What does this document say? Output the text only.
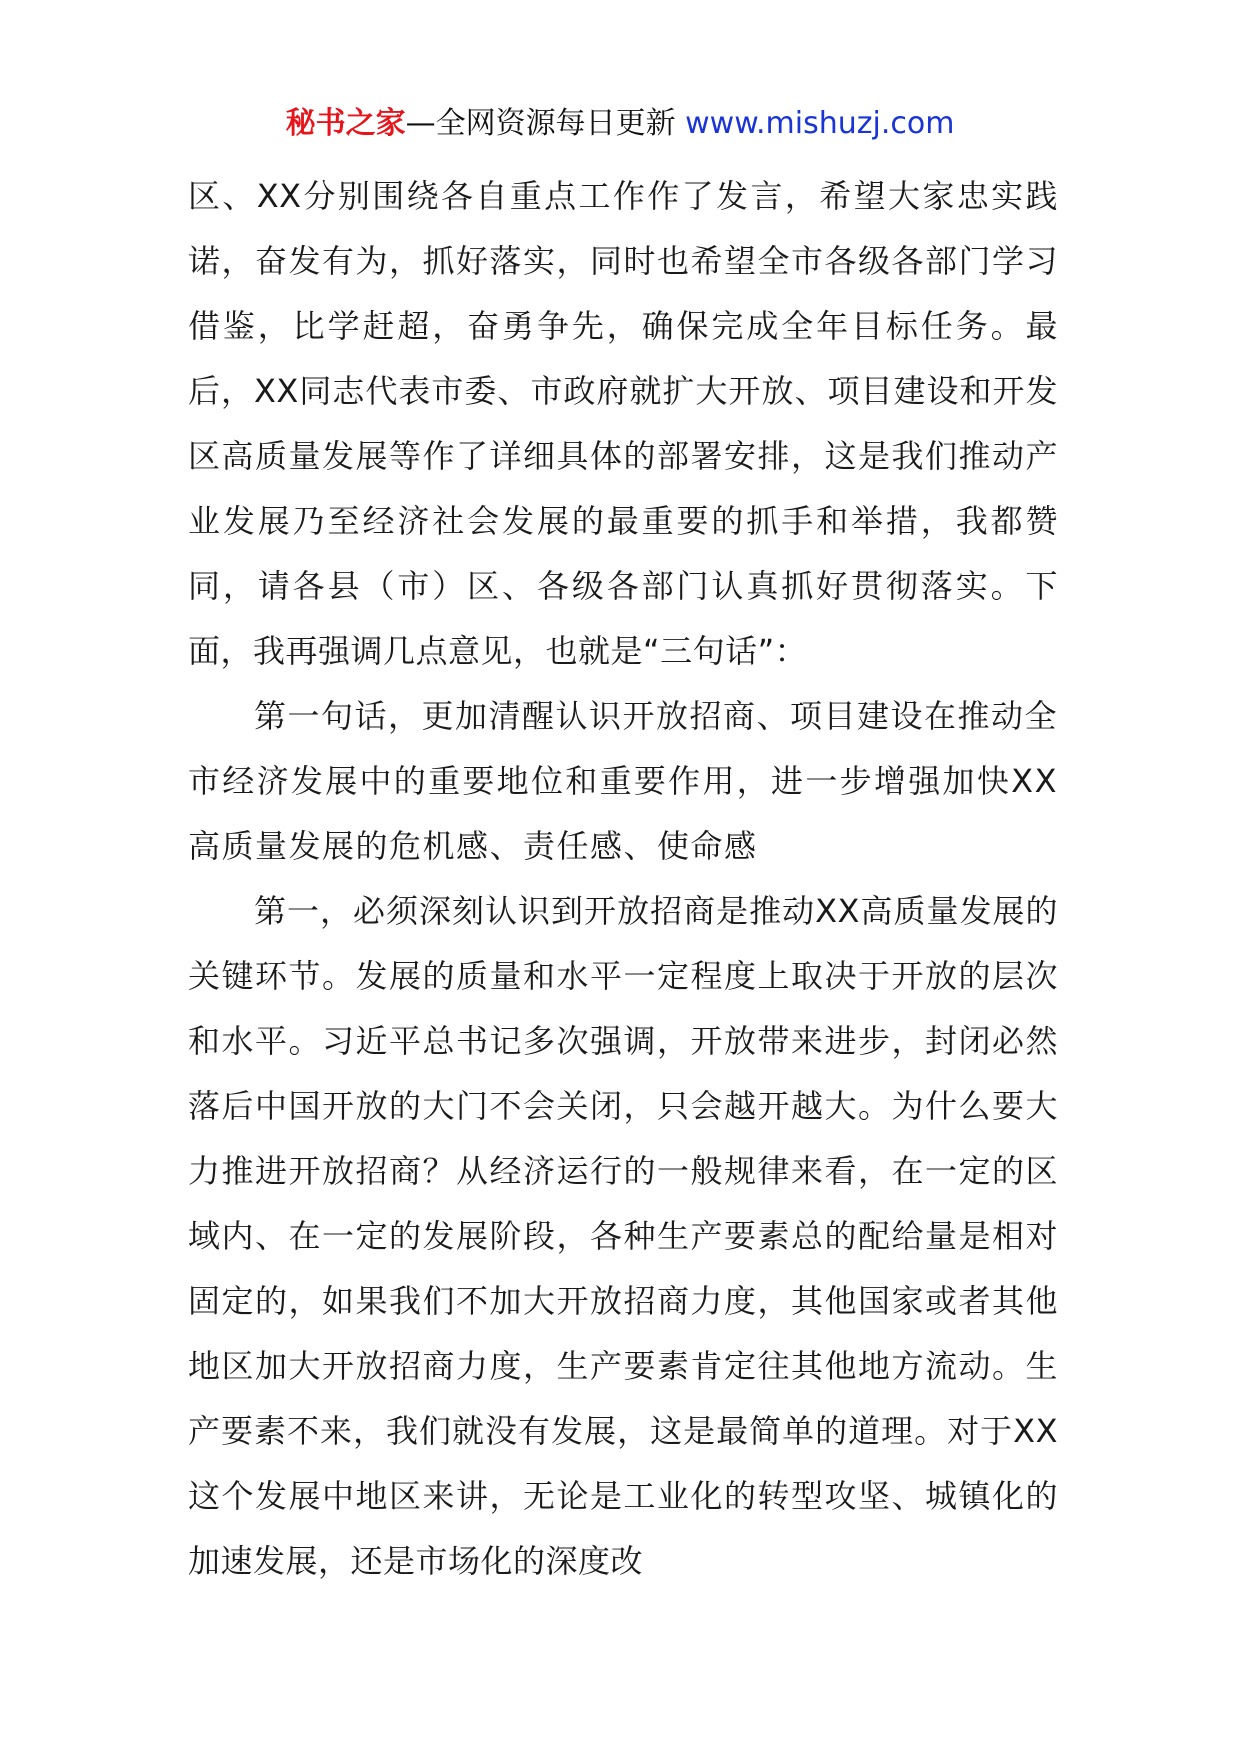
秘书之家—全网资源每日更新 www.mishuzj.com

区、XX分别围绕各自重点工作作了发言，希望大家忠实践诺，奋发有为，抓好落实，同时也希望全市各级各部门学习借鉴，比学赶超，奋勇争先，确保完成全年目标任务。最后，XX同志代表市委、市政府就扩大开放、项目建设和开发区高质量发展等作了详细具体的部署安排，这是我们推动产业发展乃至经济社会发展的最重要的抓手和举措，我都赞同，请各县（市）区、各级各部门认真抓好贯彻落实。下面，我再强调几点意见，也就是“三句话”：

第一句话，更加清醒认识开放招商、项目建设在推动全市经济发展中的重要地位和重要作用，进一步增强加快XX高质量发展的危机感、责任感、使命感

第一，必须深刻认识到开放招商是推动XX高质量发展的关键环节。发展的质量和水平一定程度上取决于开放的层次和水平。习近平总书记多次强调，开放带来进步，封闭必然落后中国开放的大门不会关闭，只会越开越大。为什么要大力推进开放招商？从经济运行的一般规律来看，在一定的区域内、在一定的发展阶段，各种生产要素总的配给量是相对固定的，如果我们不加大开放招商力度，其他国家或者其他地区加大开放招商力度，生产要素肯定往其他地方流动。生产要素不来，我们就没有发展，这是最简单的道理。对于XX这个发展中地区来讲，无论是工业化的转型攻坚、城镇化的加速发展，还是市场化的深度改
